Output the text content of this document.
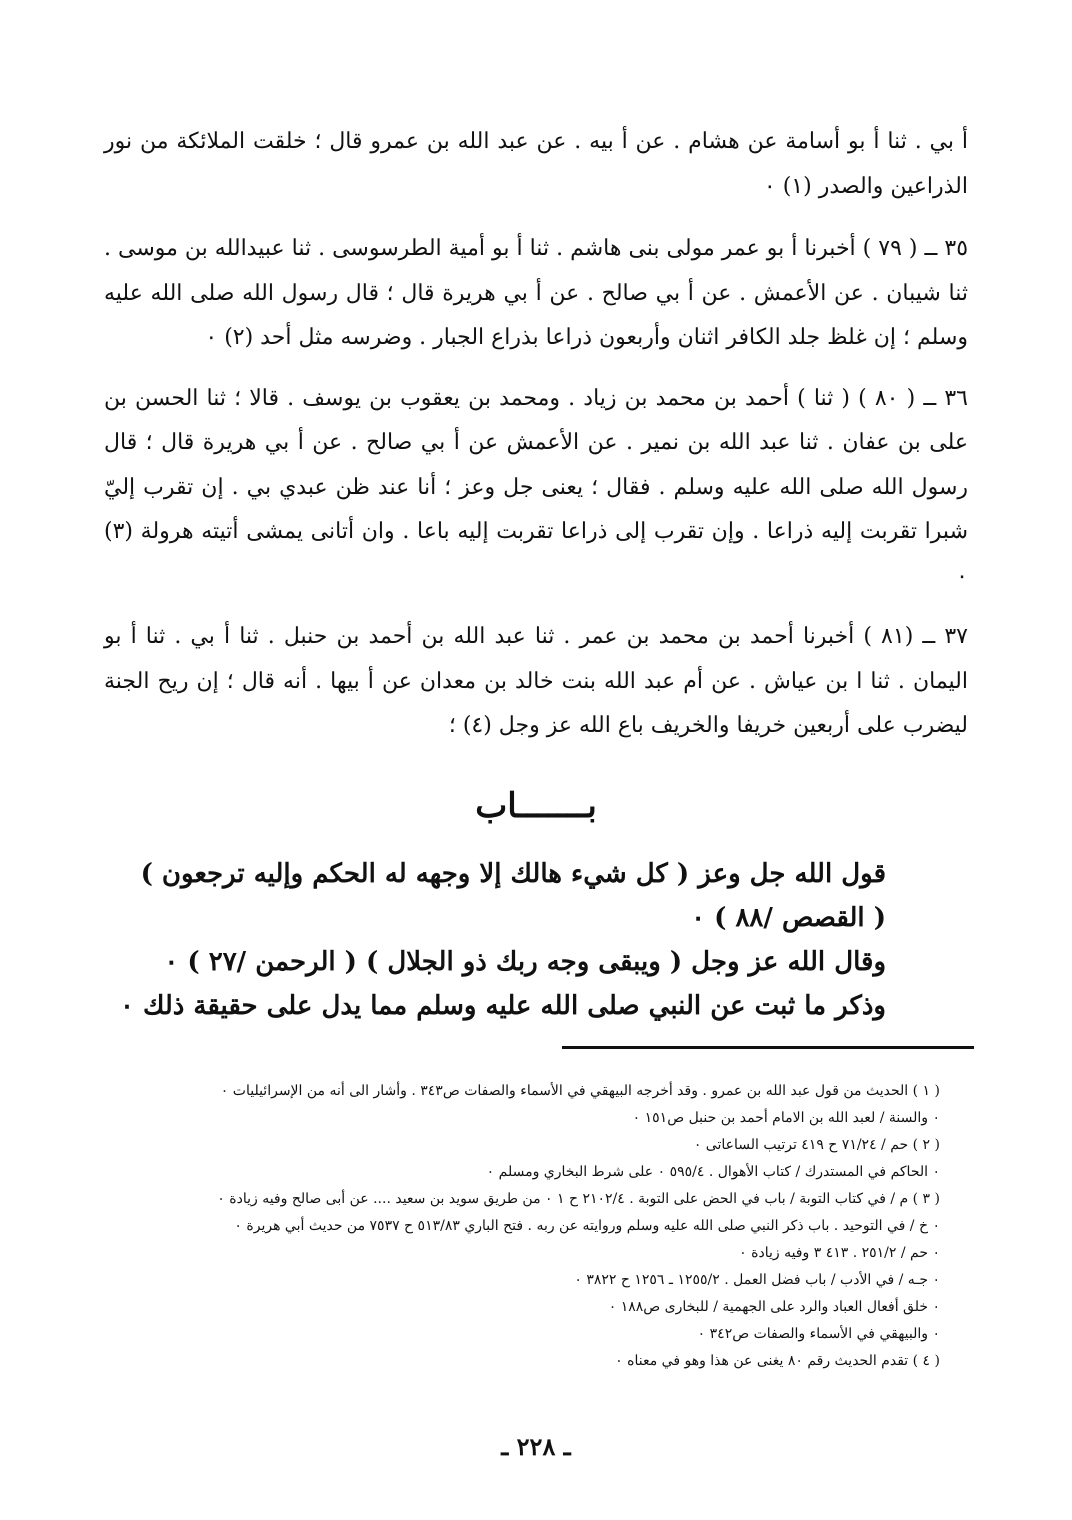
أ بي . ثنا أ بو أسامة عن هشام . عن أ بيه . عن عبد الله بن عمرو قال ؛ خلقت الملائكة من نور الذراعين والصدر (١) ٠

٣٥ ــ ( ٧٩ ) أخبرنا أ بو عمر مولى بنى هاشم . ثنا أ بو أمية الطرسوسى . ثنا عبيدالله بن موسى . ثنا شيبان . عن الأعمش . عن أ بي صالح . عن أ بي هريرة قال ؛ قال رسول الله صلى الله عليه وسلم ؛ إن غلظ جلد الكافر اثنان وأربعون ذراعا بذراع الجبار . وضرسه مثل أحد (٢) ٠

٣٦ ــ ( ٨٠ ) ( ثنا ) أحمد بن محمد بن زياد . ومحمد بن يعقوب بن يوسف . قالا ؛ ثنا الحسن بن على بن عفان . ثنا عبد الله بن نمير . عن الأعمش عن أ بي صالح . عن أ بي هريرة قال ؛ قال رسول الله صلى الله عليه وسلم . فقال ؛ يعنى جل وعز ؛ أنا عند ظن عبدي بي . إن تقرب إليّ شبرا تقربت إليه ذراعا . وإن تقرب إلى ذراعا تقربت إليه باعا . وان أتانى يمشى أتيته هرولة (٣) ٠

٣٧ ــ (٨١ ) أخبرنا أحمد بن محمد بن عمر . ثنا عبد الله بن أحمد بن حنبل . ثنا أ بي . ثنا أ بو اليمان . ثنا ا بن عياش . عن أم عبد الله بنت خالد بن معدان عن أ بيها . أنه قال ؛ إن ريح الجنة ليضرب على أربعين خريفا والخريف باع الله عز وجل (٤) ؛

بـــــــاب

قول الله جل وعز ( كل شيء هالك إلا وجهه له الحكم وإليه ترجعون )

( القصص /٨٨ ) ٠

وقال الله عز وجل ( ويبقى وجه ربك ذو الجلال ) ( الرحمن /٢٧ ) ٠

وذكر ما ثبت عن النبي صلى الله عليه وسلم مما يدل على حقيقة ذلك ٠

( ١ ) الحديث من قول عبد الله بن عمرو . وقد أخرجه البيهقي في الأسماء والصفات ص٣٤٣ . وأشار الى أنه من الإسرائيليات ٠

٠ والسنة / لعبد الله بن الامام أحمد بن حنبل ص١٥١ ٠

( ٢ ) حم / ٧١/٢٤ ح ٤١٩ ترتيب الساعاتى ٠

٠ الحاكم في المستدرك / كتاب الأهوال . ٥٩٥/٤ ٠ على شرط البخاري ومسلم ٠

( ٣ ) م / في كتاب التوبة / باب في الحض على التوبة . ٢١٠٢/٤ ح ١ ٠ من طريق سويد بن سعيد .... عن أبى صالح وفيه زيادة ٠

٠ خ / في التوحيد . باب ذكر النبي صلى الله عليه وسلم وروايته عن ربه . فتح الباري ٥١٣/٨٣ ح ٧٥٣٧ من حديث أبي هريرة ٠

٠ حم / ٢٥١/٢ . ٤١٣ ٣ وفيه زيادة ٠

٠ جـه / في الأدب / باب فضل العمل . ١٢٥٥/٢ ـ ١٢٥٦ ح ٣٨٢٢ ٠

٠ خلق أفعال العباد والرد على الجهمية / للبخارى ص١٨٨ ٠

٠ والبيهقي في الأسماء والصفات ص٣٤٢ ٠

( ٤ ) تقدم الحديث رقم ٨٠ يغنى عن هذا وهو في معناه ٠

ـ ٢٢٨ ـ
